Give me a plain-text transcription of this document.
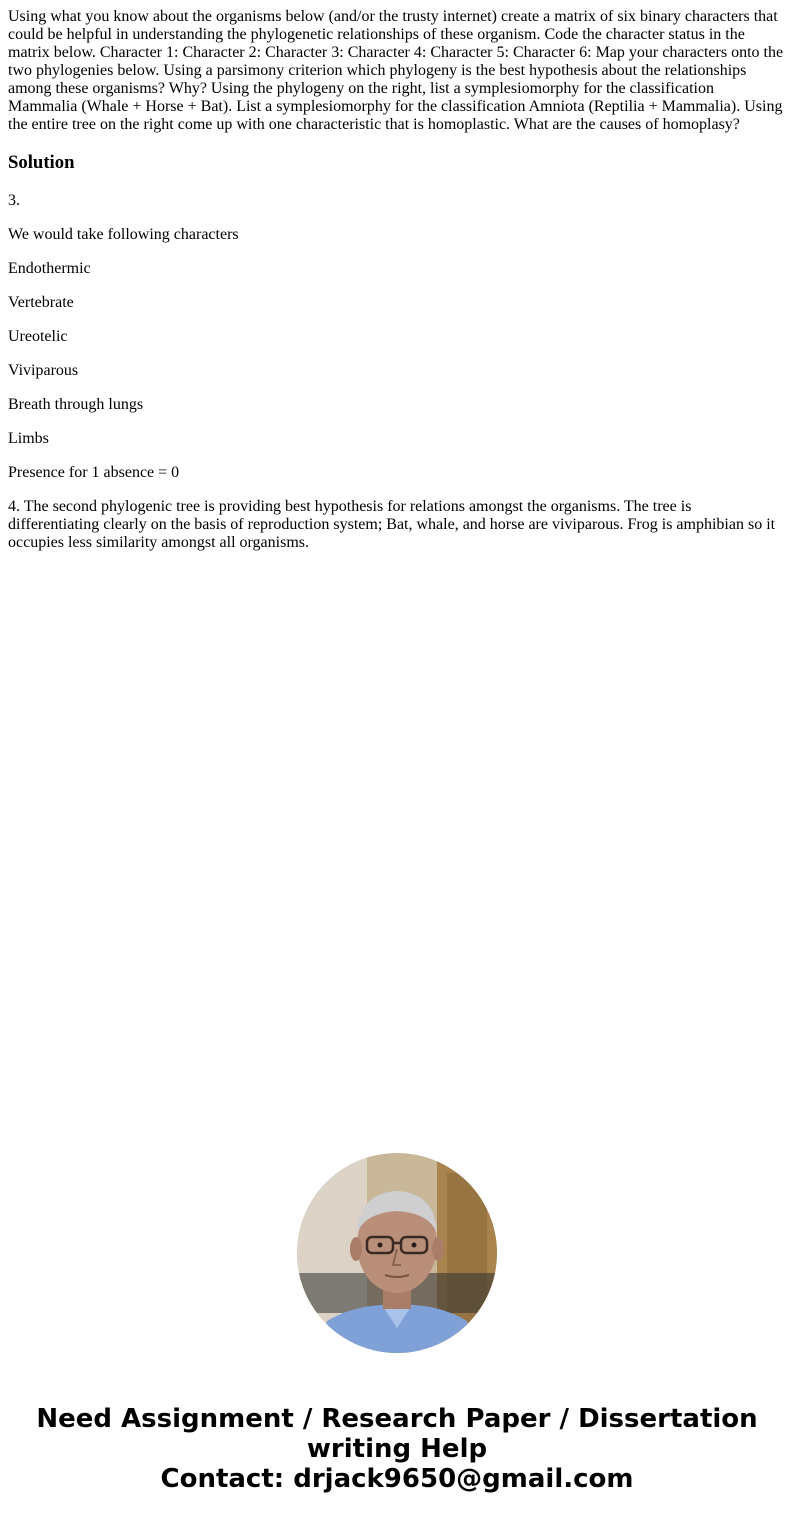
Using what you know about the organisms below (and/or the trusty internet) create a matrix of six binary characters that could be helpful in understanding the phylogenetic relationships of these organism. Code the character status in the matrix below. Character 1: Character 2: Character 3: Character 4: Character 5: Character 6: Map your characters onto the two phylogenies below. Using a parsimony criterion which phylogeny is the best hypothesis about the relationships among these organisms? Why? Using the phylogeny on the right, list a symplesiomorphy for the classification Mammalia (Whale + Horse + Bat). List a symplesiomorphy for the classification Amniota (Reptilia + Mammalia). Using the entire tree on the right come up with one characteristic that is homoplastic. What are the causes of homoplasy?
Solution

3.

We would take following characters

Endothermic

Vertebrate

Ureotelic

Viviparous

Breath through lungs

Limbs

Presence for 1 absence = 0

4. The second phylogenic tree is providing best hypothesis for relations amongst the organisms. The tree is differentiating clearly on the basis of reproduction system; Bat, whale, and horse are viviparous. Frog is amphibian so it occupies less similarity amongst all organisms.

Need Assignment / Research Paper / Dissertation
writing Help
Contact: drjack9650@gmail.com
